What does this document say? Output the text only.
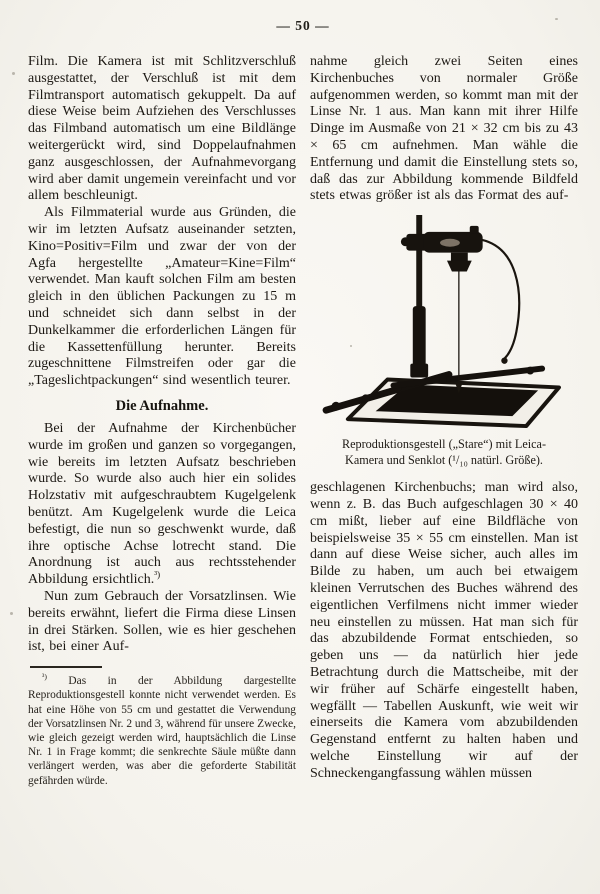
— 50 —

Film. Die Kamera ist mit Schlitzverschluß ausgestattet, der Verschluß ist mit dem Filmtransport automatisch gekuppelt. Da auf diese Weise beim Aufziehen des Verschlusses das Filmband automatisch um eine Bildlänge weitergerückt wird, sind Doppelaufnahmen ganz ausgeschlossen, der Aufnahmevorgang wird aber damit ungemein vereinfacht und vor allem beschleunigt.

Als Filmmaterial wurde aus Gründen, die wir im letzten Aufsatz auseinander setzten, Kino=Positiv=Film und zwar der von der Agfa hergestellte „Amateur=Kine=Film“ verwendet. Man kauft solchen Film am besten gleich in den üblichen Packungen zu 15 m und schneidet sich dann selbst in der Dunkelkammer die erforderlichen Längen für die Kassettenfüllung herunter. Bereits zugeschnittene Filmstreifen oder gar die „Tageslichtpackungen“ sind wesentlich teurer.

Die Aufnahme.

Bei der Aufnahme der Kirchenbücher wurde im großen und ganzen so vorgegangen, wie bereits im letzten Aufsatz beschrieben wurde. So wurde also auch hier ein solides Holzstativ mit aufgeschraubtem Kugelgelenk benützt. Am Kugelgelenk wurde die Leica befestigt, die nun so geschwenkt wurde, daß ihre optische Achse lotrecht stand. Die Anordnung ist auch aus rechtsstehender Abbildung ersichtlich.$^{^3)}$

Nun zum Gebrauch der Vorsatzlinsen. Wie bereits erwähnt, liefert die Firma diese Linsen in drei Stärken. Sollen, wie es hier geschehen ist, bei einer Auf-

$^{^3)}$ Das in der Abbildung dargestellte Reproduktionsgestell konnte nicht verwendet werden. Es hat eine Höhe von 55 cm und gestattet die Verwendung der Vorsatzlinsen Nr. 2 und 3, während für unsere Zwecke, wie gleich gezeigt werden wird, hauptsächlich die Linse Nr. 1 in Frage kommt; die senkrechte Säule müßte dann verlängert werden, was aber die geforderte Stabilität gefährden würde.

nahme gleich zwei Seiten eines Kirchenbuches von normaler Größe aufgenommen werden, so kommt man mit der Linse Nr. 1 aus. Man kann mit ihrer Hilfe Dinge im Ausmaße von 21 × 32 cm bis zu 43 × 65 cm aufnehmen. Man wähle die Entfernung und damit die Einstellung stets so, daß das zur Abbildung kommende Bildfeld stets etwas größer ist als das Format des auf-

Reproduktionsgestell („Stare“) mit Leica-
Kamera und Senklot (¹/₁₀ natürl. Größe).

geschlagenen Kirchenbuchs; man wird also, wenn z. B. das Buch aufgeschlagen 30 × 40 cm mißt, lieber auf eine Bildfläche von beispielsweise 35 × 55 cm einstellen. Man ist dann auf diese Weise sicher, auch alles im Bilde zu haben, um auch bei etwaigem kleinen Verrutschen des Buches während des eigentlichen Verfilmens nicht immer wieder neu einstellen zu müssen. Hat man sich für das abzubildende Format entschieden, so geben uns — da natürlich hier jede Betrachtung durch die Mattscheibe, mit der wir früher auf Schärfe eingestellt haben, wegfällt — Tabellen Auskunft, wie weit wir einerseits die Kamera vom abzubildenden Gegenstand entfernt zu halten haben und welche Einstellung wir auf der Schneckengangfassung wählen müssen
